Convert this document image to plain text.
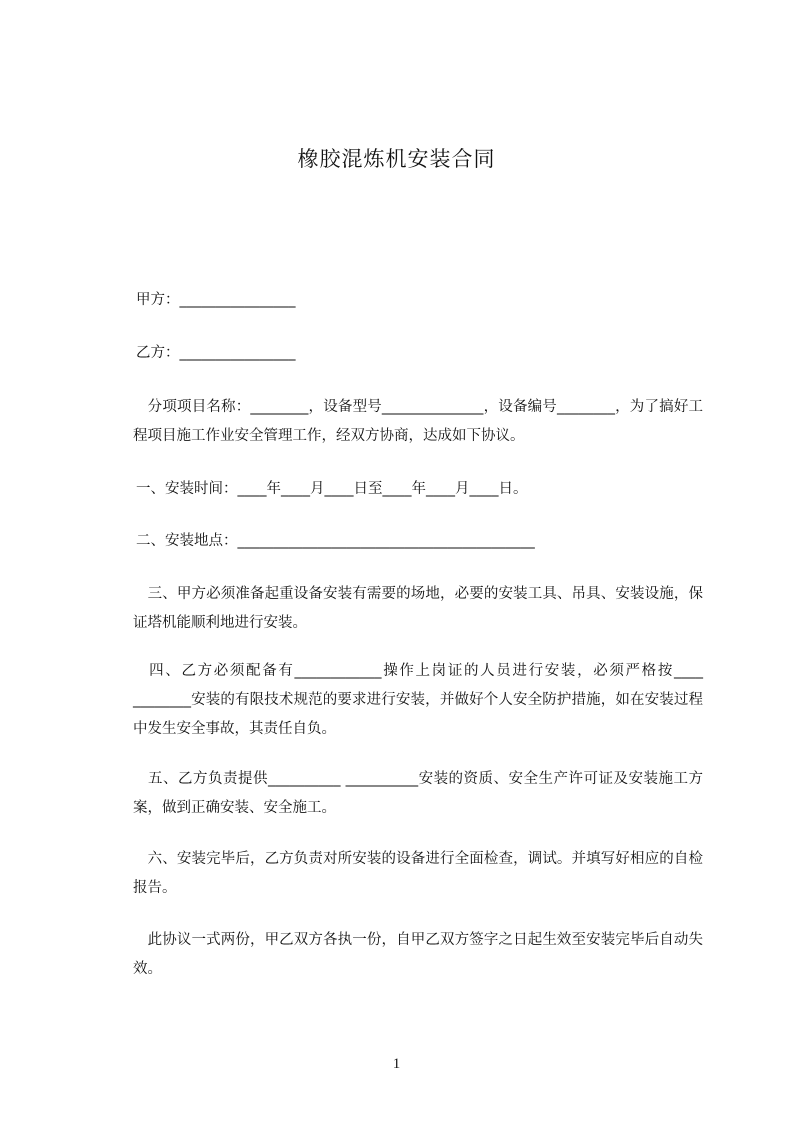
橡胶混炼机安装合同
甲方：________________
乙方：________________
　分项项目名称：________，设备型号______________，设备编号________，为了搞好工程项目施工作业安全管理工作，经双方协商，达成如下协议。
一、安装时间：____年____月____日至____年____月____日。
二、安装地点：_________________________________________
　三、甲方必须准备起重设备安装有需要的场地，必要的安装工具、吊具、安装设施，保证塔机能顺利地进行安装。
　四、乙方必须配备有____________操作上岗证的人员进行安装，必须严格按____ ________安装的有限技术规范的要求进行安装，并做好个人安全防护措施，如在安装过程中发生安全事故，其责任自负。
　五、乙方负责提供__________ __________安装的资质、安全生产许可证及安装施工方案，做到正确安装、安全施工。
　六、安装完毕后，乙方负责对所安装的设备进行全面检查，调试。并填写好相应的自检报告。
　此协议一式两份，甲乙双方各执一份，自甲乙双方签字之日起生效至安装完毕后自动失效。
1
